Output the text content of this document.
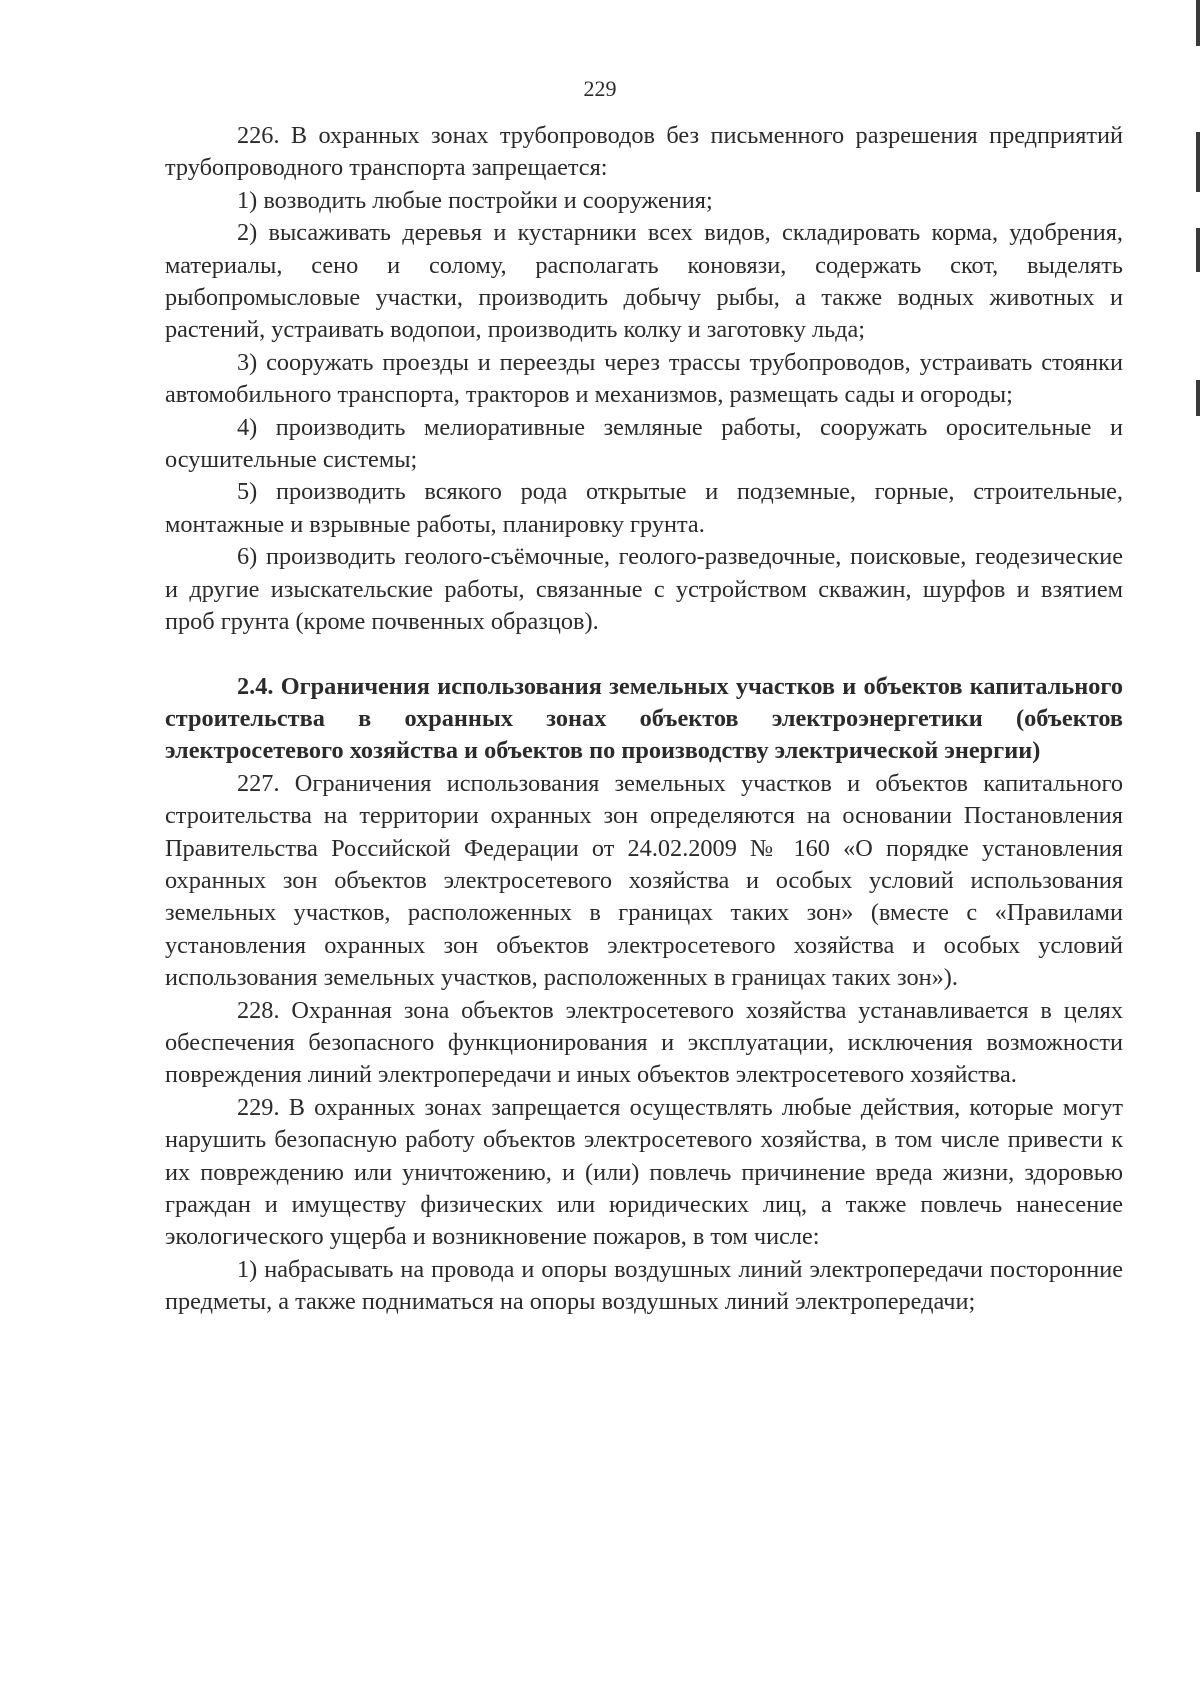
229

226. В охранных зонах трубопроводов без письменного разрешения предприятий трубопроводного транспорта запрещается:

1) возводить любые постройки и сооружения;

2) высаживать деревья и кустарники всех видов, складировать корма, удобрения, материалы, сено и солому, располагать коновязи, содержать скот, выделять рыбопромысловые участки, производить добычу рыбы, а также водных животных и растений, устраивать водопои, производить колку и заготовку льда;

3) сооружать проезды и переезды через трассы трубопроводов, устраивать стоянки автомобильного транспорта, тракторов и механизмов, размещать сады и огороды;

4) производить мелиоративные земляные работы, сооружать оросительные и осушительные системы;

5) производить всякого рода открытые и подземные, горные, строительные, монтажные и взрывные работы, планировку грунта.

6) производить геолого-съёмочные, геолого-разведочные, поисковые, геодезические и другие изыскательские работы, связанные с устройством скважин, шурфов и взятием проб грунта (кроме почвенных образцов).

2.4. Ограничения использования земельных участков и объектов капитального строительства в охранных зонах объектов электроэнергетики (объектов электросетевого хозяйства и объектов по производству электрической энергии)

227. Ограничения использования земельных участков и объектов капитального строительства на территории охранных зон определяются на основании Постановления Правительства Российской Федерации от 24.02.2009 № 160 «О порядке установления охранных зон объектов электросетевого хозяйства и особых условий использования земельных участков, расположенных в границах таких зон» (вместе с «Правилами установления охранных зон объектов электросетевого хозяйства и особых условий использования земельных участков, расположенных в границах таких зон»).

228. Охранная зона объектов электросетевого хозяйства устанавливается в целях обеспечения безопасного функционирования и эксплуатации, исключения возможности повреждения линий электропередачи и иных объектов электросетевого хозяйства.

229. В охранных зонах запрещается осуществлять любые действия, которые могут нарушить безопасную работу объектов электросетевого хозяйства, в том числе привести к их повреждению или уничтожению, и (или) повлечь причинение вреда жизни, здоровью граждан и имуществу физических или юридических лиц, а также повлечь нанесение экологического ущерба и возникновение пожаров, в том числе:

1) набрасывать на провода и опоры воздушных линий электропередачи посторонние предметы, а также подниматься на опоры воздушных линий электропередачи;
